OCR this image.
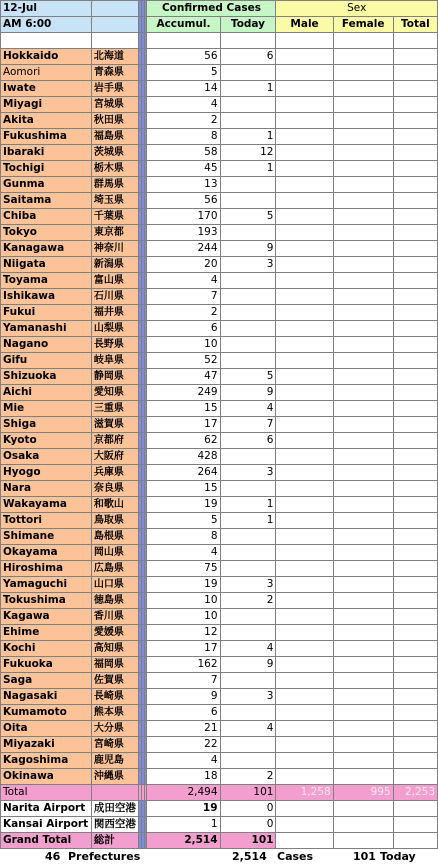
12-Jul					Confirmed Cases		Sex		
AM 6:00					Accumul.	Today	Male	Female	Total

Hokkaido	北海道				56	6			
Aomori	青森県				5				
Iwate	岩手県				14	1			
Miyagi	宮城県				4				
Akita	秋田県				2				
Fukushima	福島県				8	1			
Ibaraki	茨城県				58	12			
Tochigi	栃木県				45	1			
Gunma	群馬県				13				
Saitama	埼玉県				56				
Chiba	千葉県				170	5			
Tokyo	東京都				193				
Kanagawa	神奈川				244	9			
Niigata	新潟県				20	3			
Toyama	富山県				4				
Ishikawa	石川県				7				
Fukui	福井県				2				
Yamanashi	山梨県				6				
Nagano	長野県				10				
Gifu	岐阜県				52				
Shizuoka	静岡県				47	5			
Aichi	愛知県				249	9			
Mie	三重県				15	4			
Shiga	滋賀県				17	7			
Kyoto	京都府				62	6			
Osaka	大阪府				428				
Hyogo	兵庫県				264	3			
Nara	奈良県				15				
Wakayama	和歌山				19	1			
Tottori	鳥取県				5	1			
Shimane	島根県				8				
Okayama	岡山県				4				
Hiroshima	広島県				75				
Yamaguchi	山口県				19	3			
Tokushima	徳島県				10	2			
Kagawa	香川県				10				
Ehime	愛媛県				12				
Kochi	高知県				17	4			
Fukuoka	福岡県				162	9			
Saga	佐賀県				7				
Nagasaki	長崎県				9	3			
Kumamoto	熊本県				6				
Oita	大分県				21	4			
Miyazaki	宮崎県				22				
Kagoshima	鹿児島				4				
Okinawa	沖縄県				18	2			
Total					2,494	101	1,258	995	2,253
Narita Airport	成田空港				19	0			
Kansai Airport	関西空港				1	0			
Grand Total	総計				2,514	101			
46 Prefectures	2,514 Cases	101 Today
